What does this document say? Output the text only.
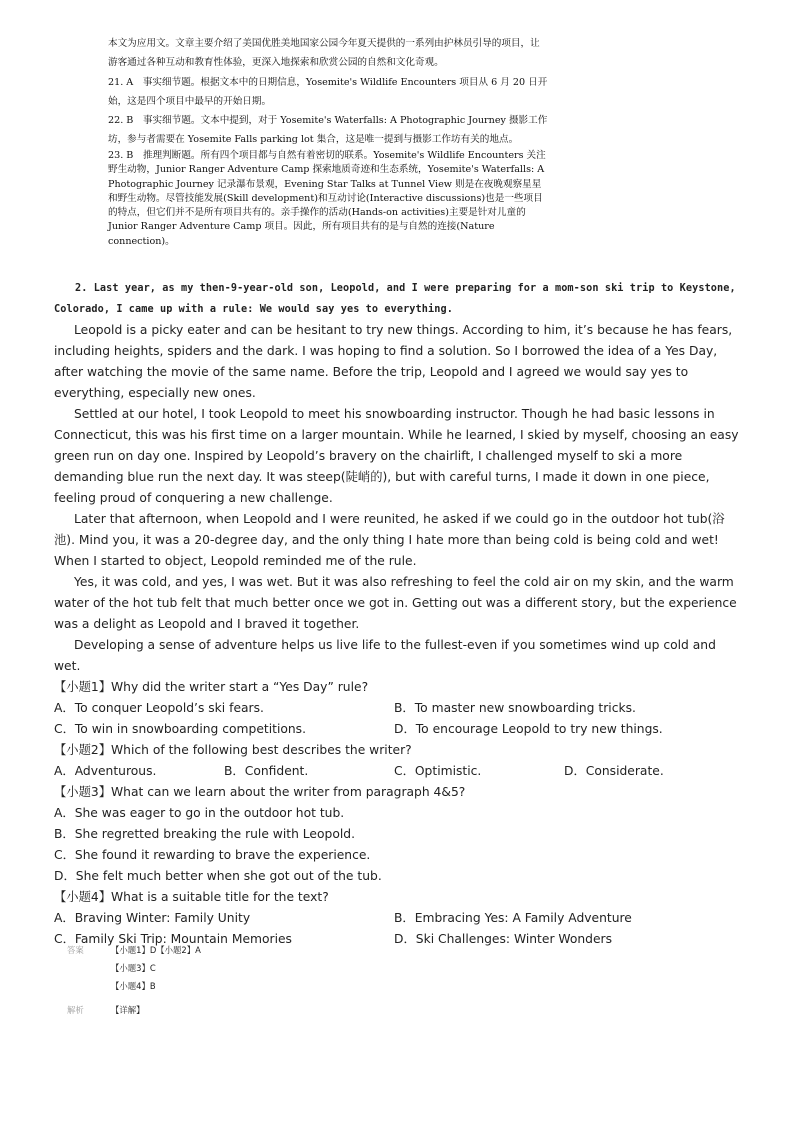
本文为应用文。文章主要介绍了美国优胜美地国家公园今年夏天提供的一系列由护林员引导的项目，让游客通过各种互动和教育性体验，更深入地探索和欣赏公园的自然和文化奇观。

21. A　事实细节题。根据文本中的日期信息，Yosemite's Wildlife Encounters 项目从 6 月 20 日开始，这是四个项目中最早的开始日期。

22. B　事实细节题。文本中提到，对于 Yosemite's Waterfalls: A Photographic Journey 摄影工作坊，参与者需要在 Yosemite Falls parking lot 集合，这是唯一提到与摄影工作坊有关的地点。

23. B　推理判断题。所有四个项目都与自然有着密切的联系。Yosemite's Wildlife Encounters 关注野生动物，Junior Ranger Adventure Camp 探索地质奇迹和生态系统，Yosemite's Waterfalls: A Photographic Journey 记录瀑布景观，Evening Star Talks at Tunnel View 则是在夜晚观察星星和野生动物。尽管技能发展(Skill development)和互动讨论(Interactive discussions)也是一些项目的特点，但它们并不是所有项目共有的。亲手操作的活动(Hands-on activities)主要是针对儿童的 Junior Ranger Adventure Camp 项目。因此，所有项目共有的是与自然的连接(Nature connection)。

2. Last year, as my then-9-year-old son, Leopold, and I were preparing for a mom-son ski trip to Keystone, Colorado, I came up with a rule: We would say yes to everything.

Leopold is a picky eater and can be hesitant to try new things. According to him, it’s because he has fears, including heights, spiders and the dark. I was hoping to find a solution. So I borrowed the idea of a Yes Day, after watching the movie of the same name. Before the trip, Leopold and I agreed we would say yes to everything, especially new ones.

Settled at our hotel, I took Leopold to meet his snowboarding instructor. Though he had basic lessons in Connecticut, this was his first time on a larger mountain. While he learned, I skied by myself, choosing an easy green run on day one. Inspired by Leopold’s bravery on the chairlift, I challenged myself to ski a more demanding blue run the next day. It was steep(陡峭的), but with careful turns, I made it down in one piece, feeling proud of conquering a new challenge.

Later that afternoon, when Leopold and I were reunited, he asked if we could go in the outdoor hot tub(浴池). Mind you, it was a 20-degree day, and the only thing I hate more than being cold is being cold and wet! When I started to object, Leopold reminded me of the rule.

Yes, it was cold, and yes, I was wet. But it was also refreshing to feel the cold air on my skin, and the warm water of the hot tub felt that much better once we got in. Getting out was a different story, but the experience was a delight as Leopold and I braved it together.

Developing a sense of adventure helps us live life to the fullest-even if you sometimes wind up cold and wet.

【小题1】Why did the writer start a “Yes Day” rule?

A．To conquer Leopold’s ski fears.	B．To master new snowboarding tricks.
C．To win in snowboarding competitions.	D．To encourage Leopold to try new things.

【小题2】Which of the following best describes the writer?

A．Adventurous.	B．Confident.	C．Optimistic.	D．Considerate.

【小题3】What can we learn about the writer from paragraph 4&5?

A．She was eager to go in the outdoor hot tub.

B．She regretted breaking the rule with Leopold.

C．She found it rewarding to brave the experience.

D．She felt much better when she got out of the tub.

【小题4】What is a suitable title for the text?

A．Braving Winter: Family Unity	B．Embracing Yes: A Family Adventure
C．Family Ski Trip: Mountain Memories	D．Ski Challenges: Winter Wonders
答案	【小题1】D【小题2】A
【小题3】C
【小题4】B
解析	【详解】
